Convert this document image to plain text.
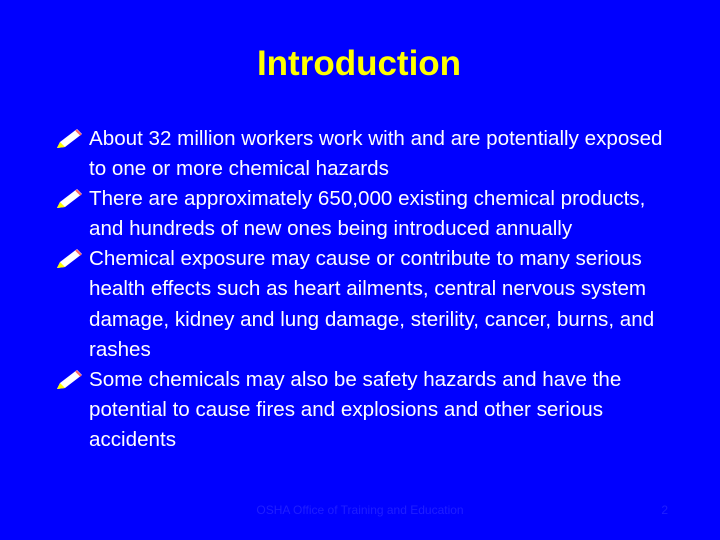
Introduction
About 32 million workers work with and are potentially exposed to one or more chemical hazards
There are approximately 650,000 existing chemical products, and hundreds of new ones being introduced annually
Chemical exposure may cause or contribute to many serious health effects such as heart ailments, central nervous system damage, kidney and lung damage, sterility, cancer, burns, and rashes
Some chemicals may also be safety hazards and have the potential to cause fires and explosions and other serious accidents
OSHA Office of Training and Education	2
